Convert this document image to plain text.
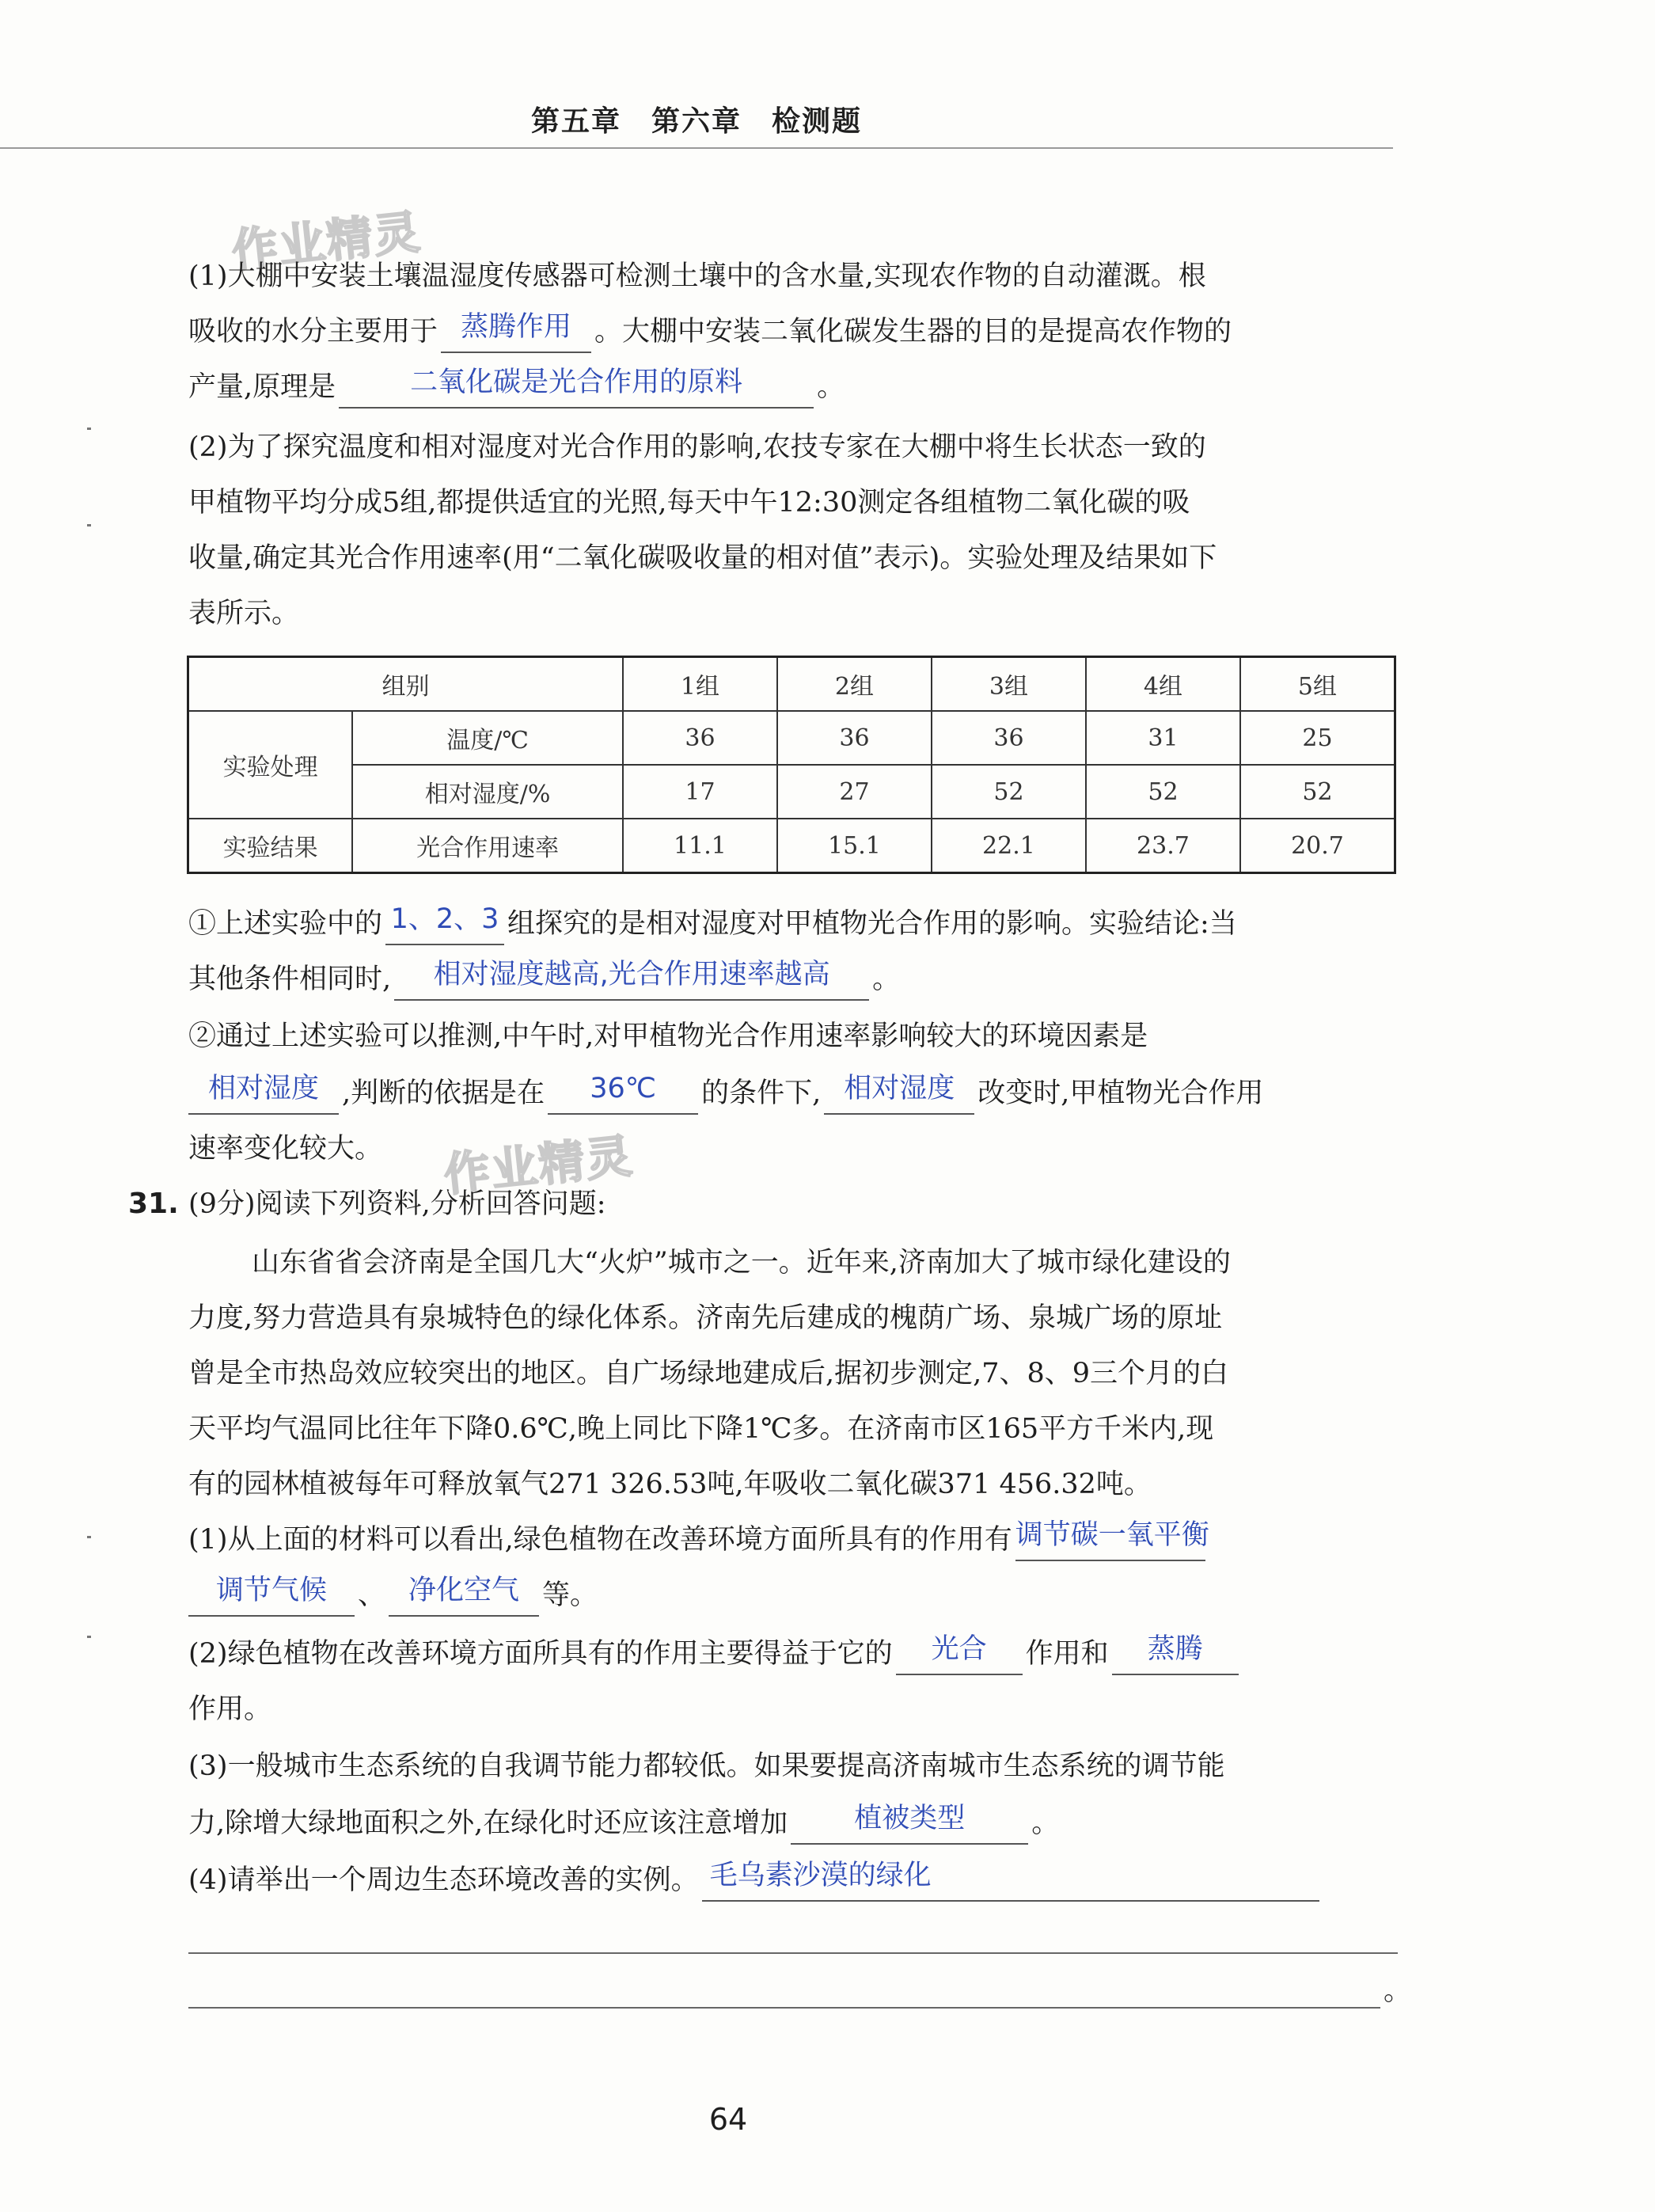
第五章　第六章　检测题
作业精灵
作业精灵
(1)大棚中安装土壤温湿度传感器可检测土壤中的含水量,实现农作物的自动灌溉。根
吸收的水分主要用于 蒸腾作用 。大棚中安装二氧化碳发生器的目的是提高农作物的
产量,原理是	二氧化碳是光合作用的原料	。
(2)为了探究温度和相对湿度对光合作用的影响,农技专家在大棚中将生长状态一致的
甲植物平均分成5组,都提供适宜的光照,每天中午12:30测定各组植物二氧化碳的吸
收量,确定其光合作用速率(用“二氧化碳吸收量的相对值”表示)。实验处理及结果如下
表所示。
组别		1组	2组	3组	4组	5组
实验处理	温度/℃	36	36	36	31	25
	相对湿度/%	17	27	52	52	52
实验结果	光合作用速率	11.1	15.1	22.1	23.7	20.7
①上述实验中的 1、2、3 组探究的是相对湿度对甲植物光合作用的影响。实验结论:当
其他条件相同时, 相对湿度越高,光合作用速率越高 。
②通过上述实验可以推测,中午时,对甲植物光合作用速率影响较大的环境因素是
相对湿度 ,判断的依据是在 36℃ 的条件下, 相对湿度 改变时,甲植物光合作用
速率变化较大。
31. (9分)阅读下列资料,分析回答问题:
山东省省会济南是全国几大“火炉”城市之一。近年来,济南加大了城市绿化建设的
力度,努力营造具有泉城特色的绿化体系。济南先后建成的槐荫广场、泉城广场的原址
曾是全市热岛效应较突出的地区。自广场绿地建成后,据初步测定,7、8、9三个月的白
天平均气温同比往年下降0.6℃,晚上同比下降1℃多。在济南市区165平方千米内,现
有的园林植被每年可释放氧气271 326.53吨,年吸收二氧化碳371 456.32吨。
(1)从上面的材料可以看出,绿色植物在改善环境方面所具有的作用有 调节碳一氧平衡
调节气候 、 净化空气 等。
(2)绿色植物在改善环境方面所具有的作用主要得益于它的 光合 作用和 蒸腾
作用。
(3)一般城市生态系统的自我调节能力都较低。如果要提高济南城市生态系统的调节能
力,除增大绿地面积之外,在绿化时还应该注意增加 植被类型 。
(4)请举出一个周边生态环境改善的实例。 毛乌素沙漠的绿化
。
64
